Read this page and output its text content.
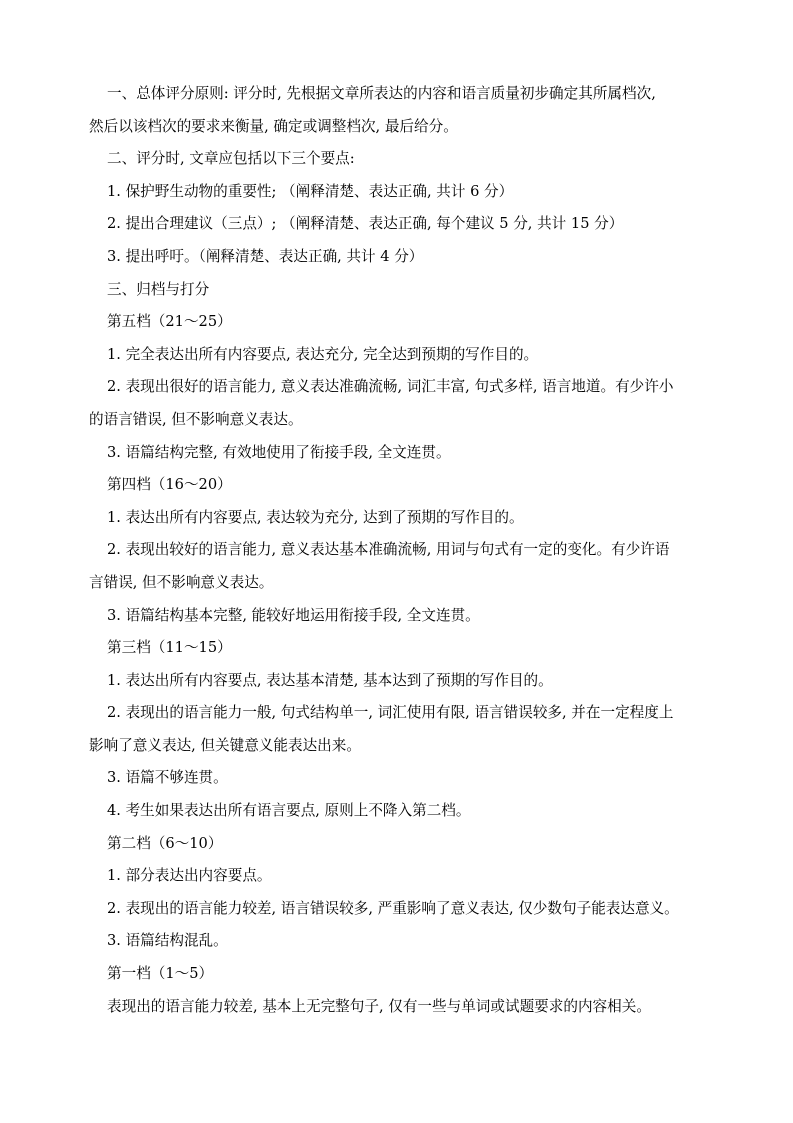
一、总体评分原则: 评分时, 先根据文章所表达的内容和语言质量初步确定其所属档次,
然后以该档次的要求来衡量, 确定或调整档次, 最后给分。
二、评分时, 文章应包括以下三个要点:
1. 保护野生动物的重要性; （阐释清楚、表达正确, 共计 6 分）
2. 提出合理建议（三点）; （阐释清楚、表达正确, 每个建议 5 分, 共计 15 分）
3. 提出呼吁。（阐释清楚、表达正确, 共计 4 分）
三、归档与打分
第五档（21～25）
1. 完全表达出所有内容要点, 表达充分, 完全达到预期的写作目的。
2. 表现出很好的语言能力, 意义表达准确流畅, 词汇丰富, 句式多样, 语言地道。有少许小
的语言错误, 但不影响意义表达。
3. 语篇结构完整, 有效地使用了衔接手段, 全文连贯。
第四档（16～20）
1. 表达出所有内容要点, 表达较为充分, 达到了预期的写作目的。
2. 表现出较好的语言能力, 意义表达基本准确流畅, 用词与句式有一定的变化。有少许语
言错误, 但不影响意义表达。
3. 语篇结构基本完整, 能较好地运用衔接手段, 全文连贯。
第三档（11～15）
1. 表达出所有内容要点, 表达基本清楚, 基本达到了预期的写作目的。
2. 表现出的语言能力一般, 句式结构单一, 词汇使用有限, 语言错误较多, 并在一定程度上
影响了意义表达, 但关键意义能表达出来。
3. 语篇不够连贯。
4. 考生如果表达出所有语言要点, 原则上不降入第二档。
第二档（6～10）
1. 部分表达出内容要点。
2. 表现出的语言能力较差, 语言错误较多, 严重影响了意义表达, 仅少数句子能表达意义。
3. 语篇结构混乱。
第一档（1～5）
表现出的语言能力较差, 基本上无完整句子, 仅有一些与单词或试题要求的内容相关。
